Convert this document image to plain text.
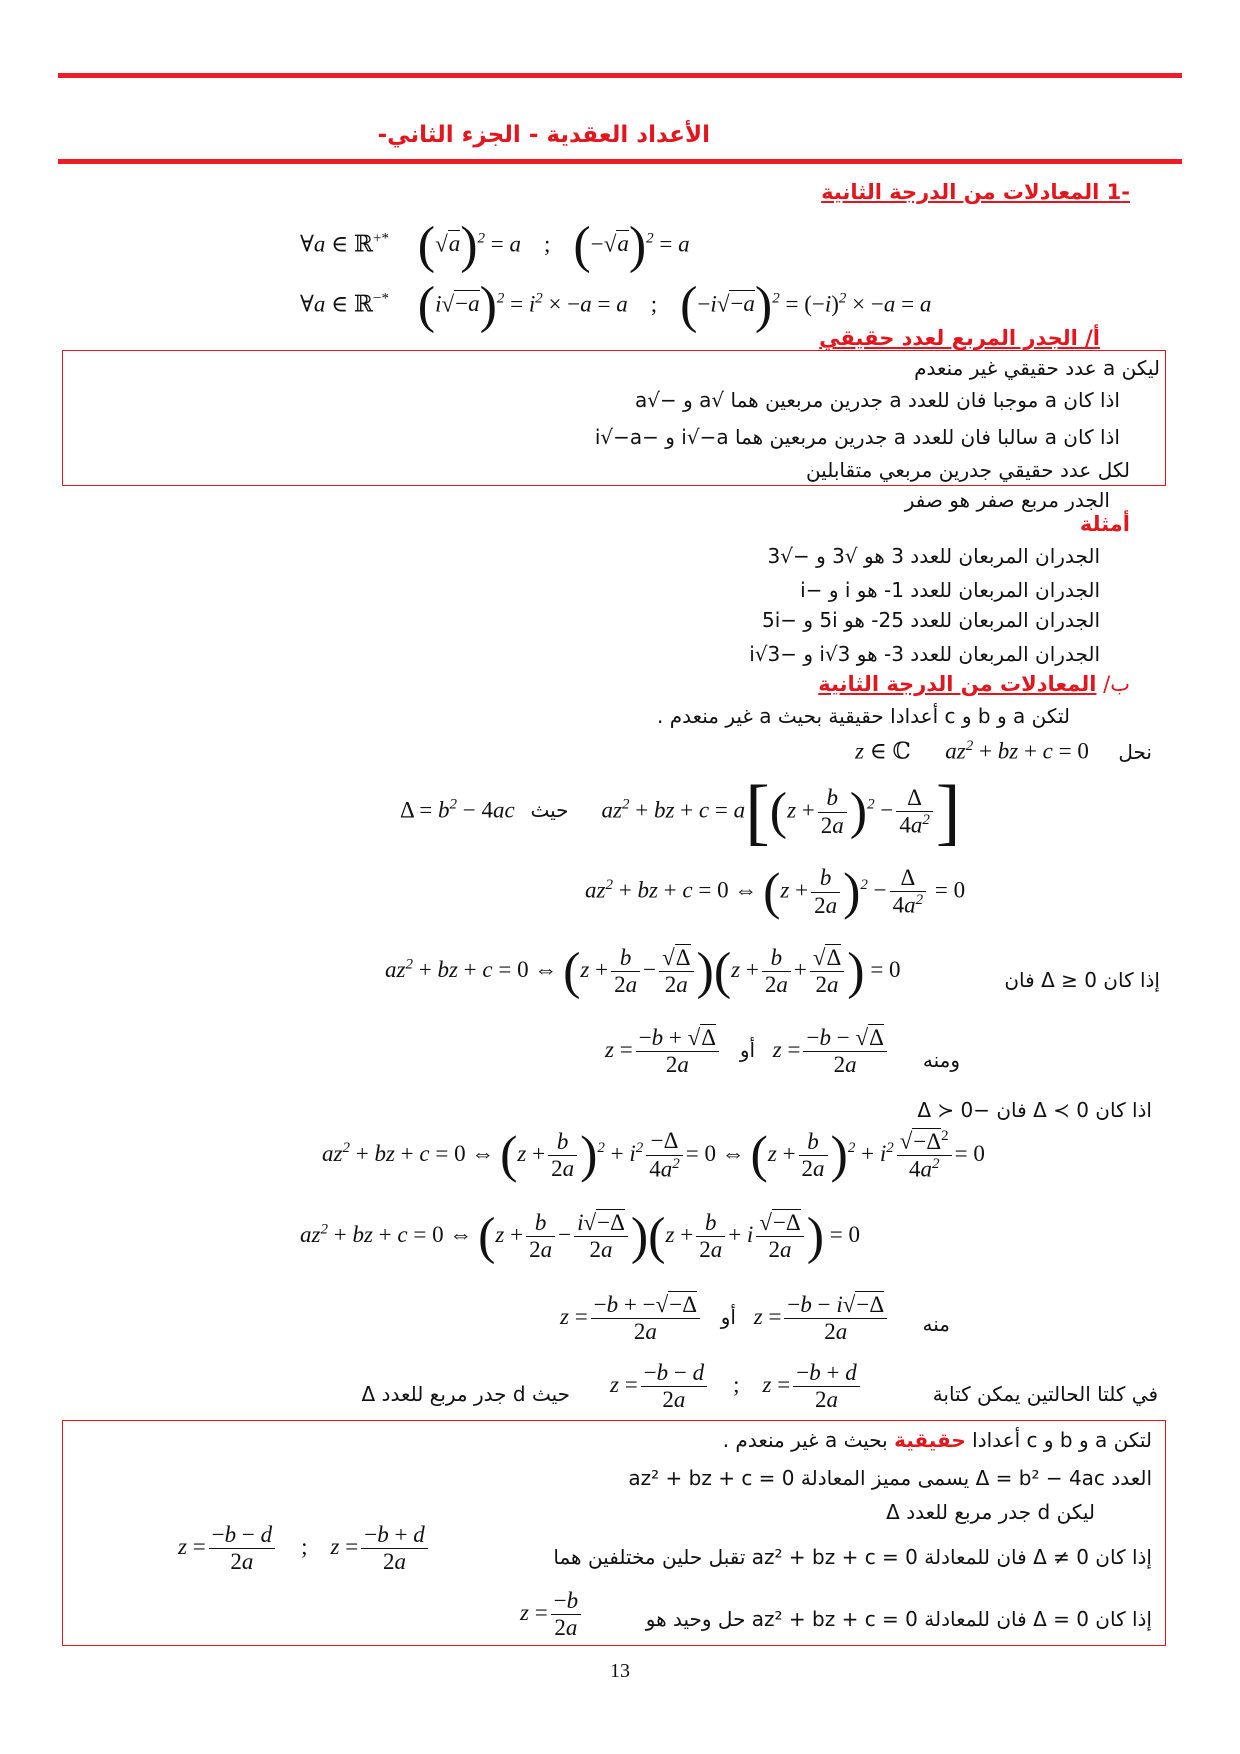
الأعداد العقدية - الجزء الثاني-
-1 المعادلات من الدرجة الثانية
∀a ∈ ℝ+* $(√a)^2 = a$    ; $(-√a)^2 = a$
∀a ∈ ℝ−* $(i√-a)^2 = i^2 \times -a = a$    ; $(-i√-a)^2 = (-i)^2 \times -a = a$
أ/ الجدر المربع لعدد حقيقي
ليكن a عدد حقيقي غير منعدم
اذا كان a موجبا فان للعدد a جدرين مربعين هما √a و −√a
اذا كان a سالبا فان للعدد a جدرين مربعين هما i√−a و −i√−a
لكل عدد حقيقي جدرين مربعي متقابلين
الجدر مربع صفر هو صفر
أمثلة
الجدران المربعان للعدد 3 هو √3 و −√3
الجدران المربعان للعدد 1- هو i و −i
الجدران المربعان للعدد 25- هو 5i و −5i
الجدران المربعان للعدد 3- هو i√3 و −i√3
ب/ المعادلات من الدرجة الثانية
لتكن a و b و c أعدادا حقيقية بحيث a غير منعدم .
نحل
z ∈ ℂ      $az^2$ + bz + c = 0
$\Delta = b^2 - 4ac$ حيث    $az^2$ + bz + $c = a[(z + \frac{b}{2a} )^2 - \frac{\Delta}{4a^2}$ ]
$az^2$ + bz + c = 0 ⇔ $(z + \frac{b}{2a} )^2 - \frac{\Delta}{4a^2} = 0$
إذا كان Δ ≥ 0 فان
$az^2$ + bz + c = 0 ⇔ $(z + \frac{b}{2a} - \frac{√\Delta}{2a} )(z + \frac{b}{2a} + \frac{√\Delta}{2a}$ ) = 0
ومنه
$z = \frac{-b + √\Delta}{2a}$ أو $z = \frac{-b - √\Delta}{2a}$
اذا كان Δ ≺ 0 فان −Δ ≻ 0
$az^2$ + bz + c = 0 ⇔ $(z + \frac{b}{2a} )^2 + i^2 \frac{-\Delta}{4a^2} = 0$ ⇔ $(z + \frac{b}{2a} )^2 + i^2 \frac{√-\Delta^2}{4a^2} = 0$
$az^2$ + bz + c = 0 ⇔ $(z + \frac{b}{2a} - \frac{i√-\Delta}{2a} )(z + \frac{b}{2a} + i \frac{√-\Delta}{2a}$ ) = 0
منه
$z = \frac{-b + -√-\Delta}{2a}$ أو $z = \frac{-b - i√-\Delta}{2a}$
في كلتا الحالتين يمكن كتابة
$z = \frac{-b - d}{2a}$ ;    $z = \frac{-b + d}{2a}$
حيث d جدر مربع للعدد Δ
لتكن a و b و c أعدادا حقيقية بحيث a غير منعدم .
العدد Δ = b² − 4ac يسمى مميز المعادلة az² + bz + c = 0
ليكن d جدر مربع للعدد Δ
إذا كان Δ ≠ 0 فان للمعادلة az² + bz + c = 0 تقبل حلين مختلفين هما
$z = \frac{-b - d}{2a}$ ;    $z = \frac{-b + d}{2a}$
إذا كان Δ = 0 فان للمعادلة az² + bz + c = 0 حل وحيد هو
$z = \frac{-b}{2a}$
13
